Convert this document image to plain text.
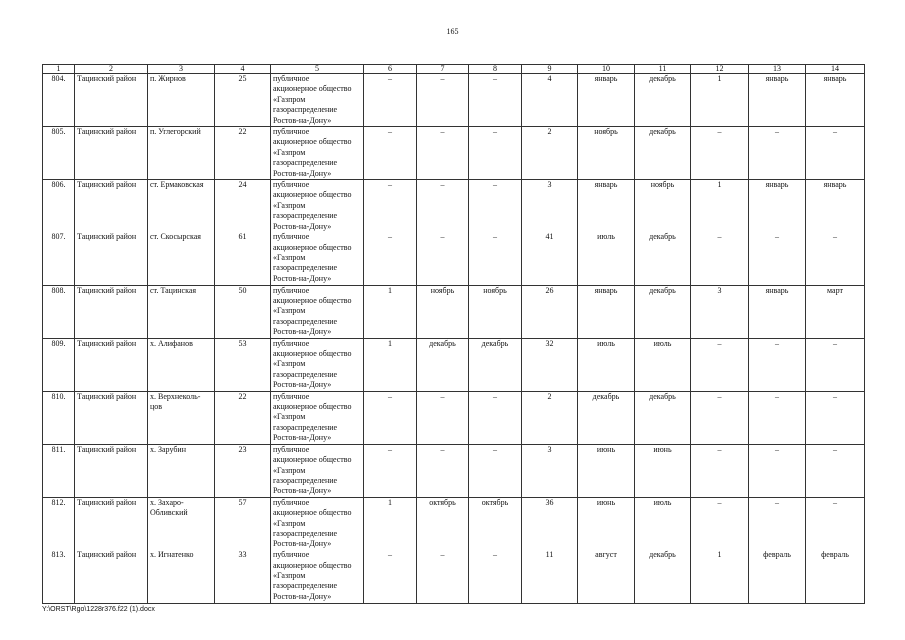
165
1	2	3	4	5	6	7	8	9	10	11	12	13	14
804.	Тацинский район	п. Жирнов	25	публичное
акционерное общество
«Газпром
газораспределение
Ростов-на-Дону»	–	–	–	4	январь	декабрь	1	январь	январь
805.	Тацинский район	п. Углегорский	22	публичное
акционерное общество
«Газпром
газораспределение
Ростов-на-Дону»	–	–	–	2	ноябрь	декабрь	–	–	–
806.	Тацинский район	ст. Ермаковская	24	публичное
акционерное общество
«Газпром
газораспределение
Ростов-на-Дону»	–	–	–	3	январь	ноябрь	1	январь	январь
807.	Тацинский район	ст. Скосырская	61	публичное
акционерное общество
«Газпром
газораспределение
Ростов-на-Дону»	–	–	–	41	июль	декабрь	–	–	–
808.	Тацинский район	ст. Тацинская	50	публичное
акционерное общество
«Газпром
газораспределение
Ростов-на-Дону»	1	ноябрь	ноябрь	26	январь	декабрь	3	январь	март
809.	Тацинский район	х. Алифанов	53	публичное
акционерное общество
«Газпром
газораспределение
Ростов-на-Дону»	1	декабрь	декабрь	32	июль	июль	–	–	–
810.	Тацинский район	х. Верхнеколь-цов	22	публичное
акционерное общество
«Газпром
газораспределение
Ростов-на-Дону»	–	–	–	2	декабрь	декабрь	–	–	–
811.	Тацинский район	х. Зарубин	23	публичное
акционерное общество
«Газпром
газораспределение
Ростов-на-Дону»	–	–	–	3	июнь	июнь	–	–	–
812.	Тацинский район	х. Захаро-Обливский	57	публичное
акционерное общество
«Газпром
газораспределение
Ростов-на-Дону»	1	октябрь	октябрь	36	июнь	июль	–	–	–
813.	Тацинский район	х. Игнатенко	33	публичное
акционерное общество
«Газпром
газораспределение
Ростов-на-Дону»	–	–	–	11	август	декабрь	1	февраль	февраль
Y:\ORST\Rgo\1228r376.f22 (1).docx
